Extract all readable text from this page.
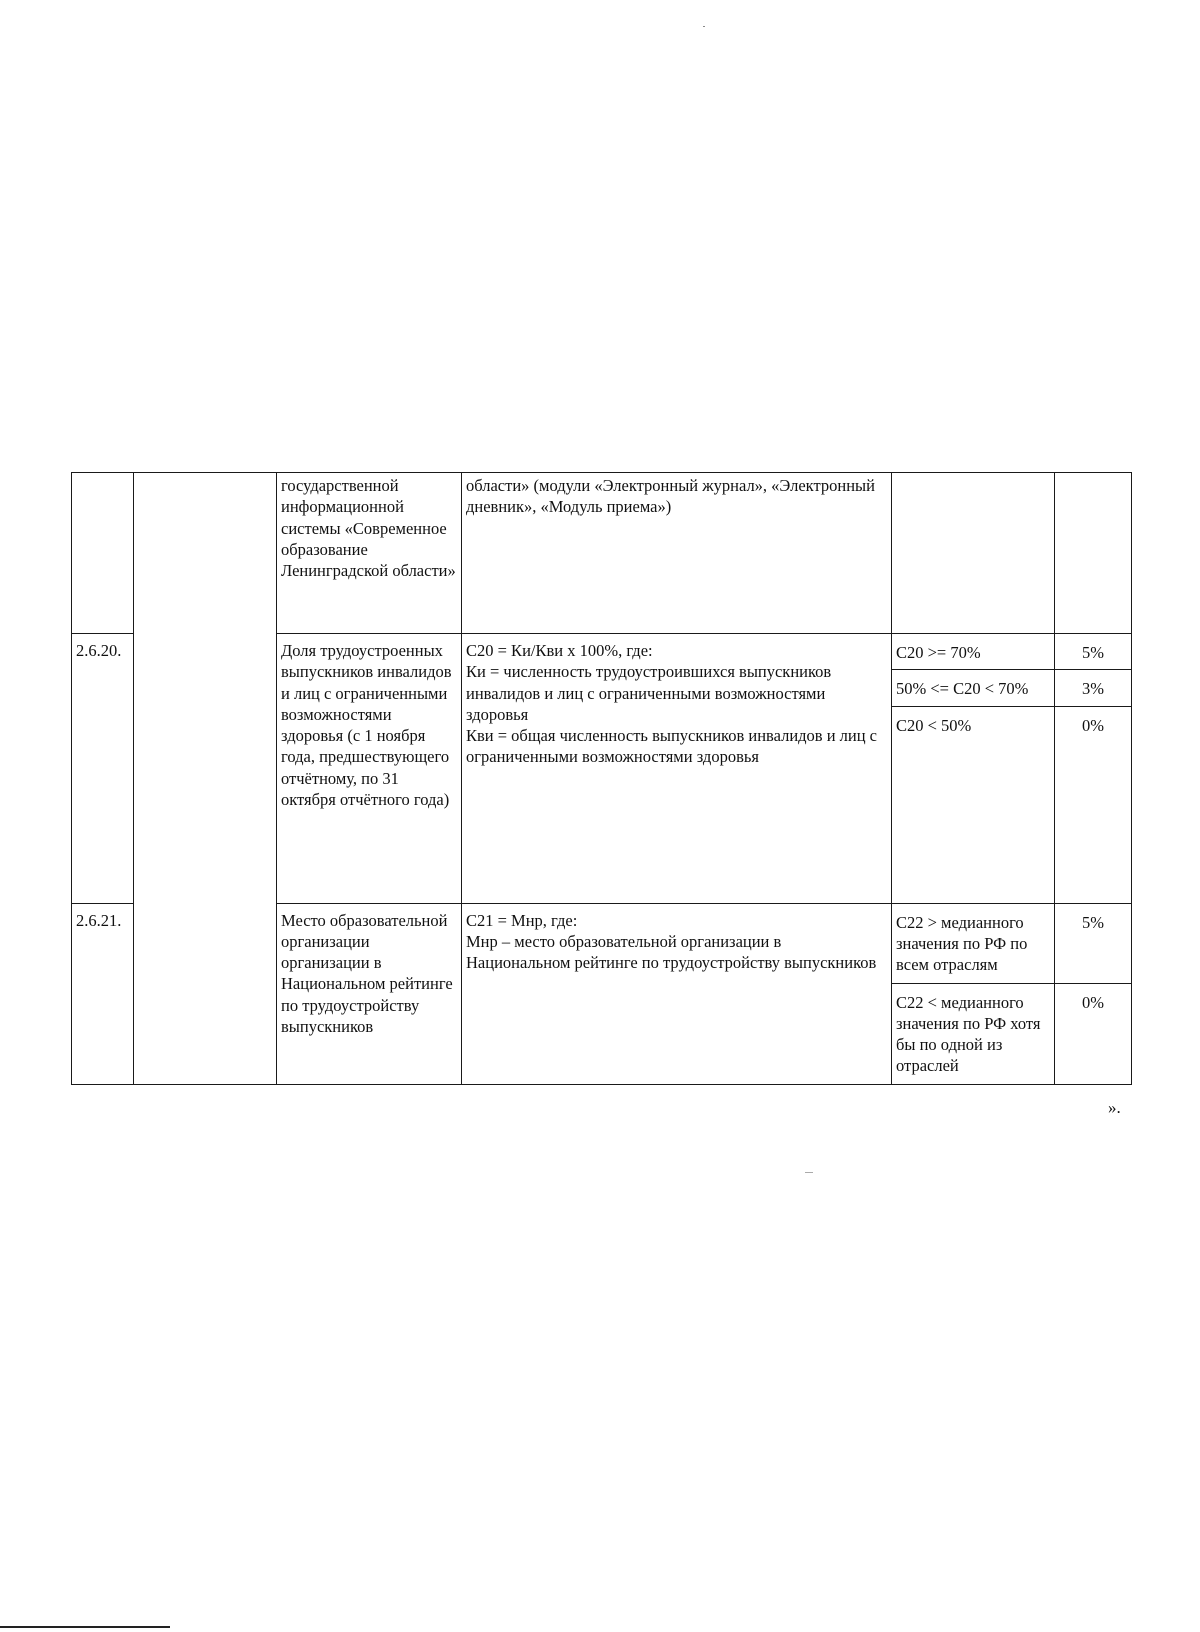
		государственной информационной системы «Современное образование Ленинградской области»	области» (модули «Электронный журнал», «Электронный дневник», «Модуль приема»)		
2.6.20.		Доля трудоустроенных выпускников инвалидов и лиц с ограниченными возможностями здоровья (с 1 ноября года, предшествующего отчётному, по 31 октября отчётного года)	С20 = Ки/Кви х 100%, где:
Ки = численность трудоустроившихся выпускников инвалидов и лиц с ограниченными возможностями здоровья
Кви = общая численность выпускников инвалидов и лиц с ограниченными возможностями здоровья	С20 >= 70%	5%
				50% <= С20 < 70%	3%
				С20 < 50%	0%
2.6.21.		Место образовательной организации организации в Национальном рейтинге по трудоустройству выпускников	С21 = Мнр, где:
Мнр – место образовательной организации в Национальном рейтинге по трудоустройству выпускников	С22 > медианного значения по РФ по всем отраслям	5%
				С22 < медианного значения по РФ хотя бы по одной из отраслей	0%
».
